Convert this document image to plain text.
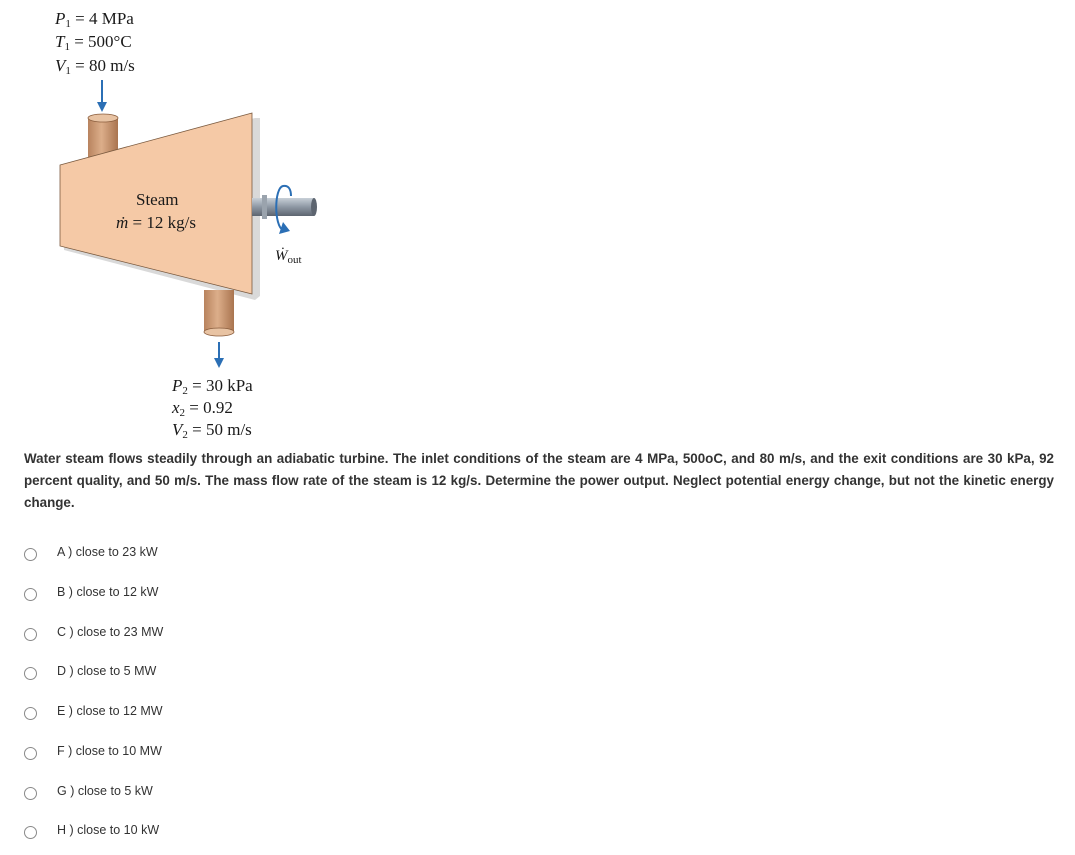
$P_1 = 4$ MPa
$T_1 = 500^\circ C$
$V_1 = 80$ m/s
Steam
ṁ = 12 kg/s
Ẇ$_{out}$
$P_2 = 30$ kPa
$x_2 = 0.92$
$V_2 = 50$ m/s

Water steam flows steadily through an adiabatic turbine. The inlet conditions of the steam are 4 MPa, 500oC, and 80 m/s, and the exit conditions are 30 kPa, 92 percent quality, and 50 m/s. The mass flow rate of the steam is 12 kg/s. Determine the power output. Neglect potential energy change, but not the kinetic energy change.

A ) close to 23 kW
B ) close to 12 kW
C ) close to 23 MW
D ) close to 5 MW
E ) close to 12 MW
F ) close to 10 MW
G ) close to 5 kW
H ) close to 10 kW
